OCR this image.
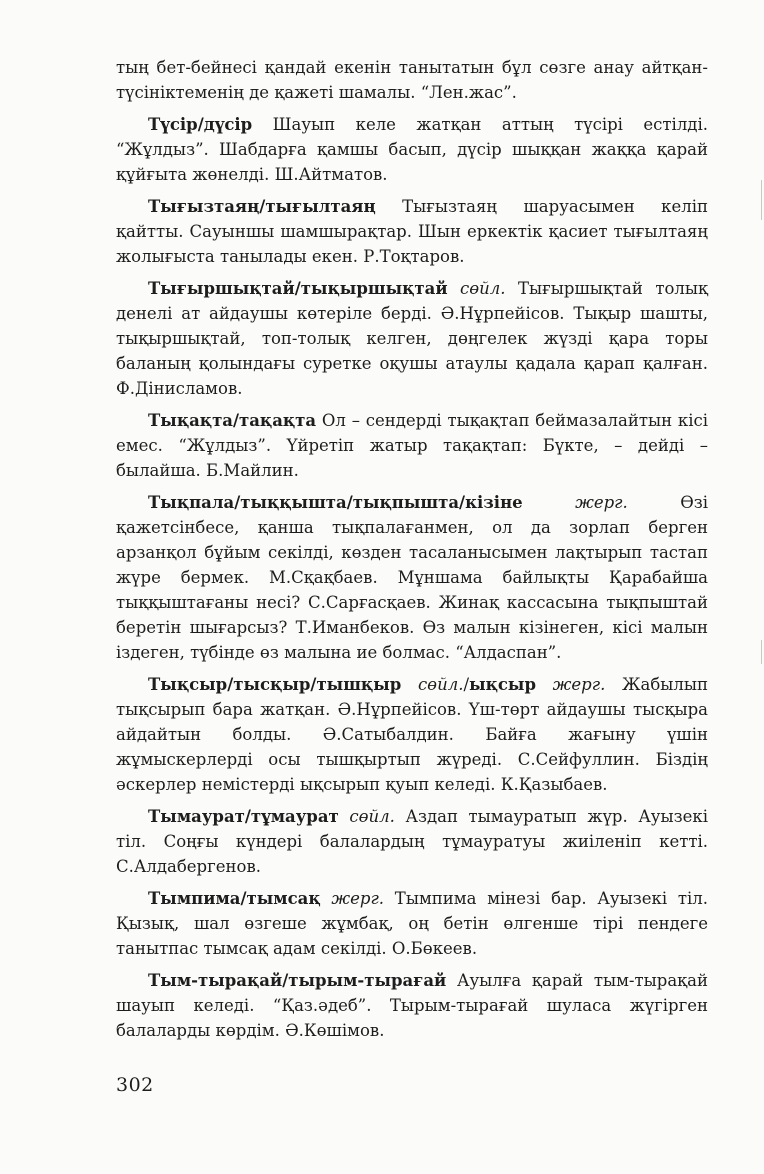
тың бет-бейнесі қандай екенін танытатын бұл сөзге анау айтқан-түсініктеменің де қажеті шамалы. “Лен.жас”.

Түсір/дүсір Шауып келе жатқан аттың түсірі естілді. “Жұлдыз”. Шабдарға қамшы басып, дүсір шыққан жаққа қарай құйғыта жөнелді. Ш.Айтматов.

Тығызтаяң/тығылтаяң Тығызтаяң шаруасымен келіп қайтты. Сауыншы шамшырақтар. Шын еркектік қасиет тығылтаяң жолығыста танылады екен. Р.Тоқтаров.

Тығыршықтай/тықыршықтай сөйл. Тығыршықтай толық денелі ат айдаушы көтеріле берді. Ә.Нұрпейісов. Тықыр шашты, тықыршықтай, топ-толық келген, дөңгелек жүзді қара торы баланың қолындағы суретке оқушы атаулы қадала қарап қалған. Ф.Дінисламов.

Тықақта/тақақта Ол – сендерді тықақтап беймазалайтын кісі емес. “Жұлдыз”. Үйретіп жатыр тақақтап: Бүкте, – дейді – былайша. Б.Майлин.

Тықпала/тыққышта/тықпышта/кізіне	жерг. Өзі қажетсінбесе, қанша тықпалағанмен, ол да зорлап берген арзанқол бұйым секілді, көзден тасаланысымен лақтырып тастап жүре бермек. М.Сқақбаев. Мұншама байлықты Қарабайша тыққыштағаны несі? С.Сарғасқаев. Жинақ кассасына тықпыштай беретін шығарсыз? Т.Иманбеков. Өз малын кізінеген, кісі малын іздеген, түбінде өз малына ие болмас. “Алдаспан”.

Тықсыр/тысқыр/тышқыр сөйл./ықсыр жерг. Жабылып тықсырып бара жатқан. Ә.Нұрпейісов. Үш-төрт айдаушы тысқыра айдайтын болды. Ә.Сатыбалдин. Байға жағыну үшін жұмыскерлерді осы тышқыртып жүреді. С.Сейфуллин. Біздің әскерлер немістерді ықсырып қуып келеді. К.Қазыбаев.

Тымаурат/тұмаурат сөйл. Аздап тымауратып жүр. Ауызекі тіл. Соңғы күндері балалардың тұмауратуы жиіленіп кетті. С.Алдабергенов.

Тымпима/тымсақ жерг. Тымпима мінезі бар. Ауызекі тіл. Қызық, шал өзгеше жұмбақ, оң бетін өлгенше тірі пендеге танытпас тымсақ адам секілді. О.Бөкеев.

Тым-тырақай/тырым-тырағай Ауылға қарай тым-тырақай шауып келеді. “Қаз.әдеб”. Тырым-тырағай шуласа жүгірген балаларды көрдім. Ә.Көшімов.

302
